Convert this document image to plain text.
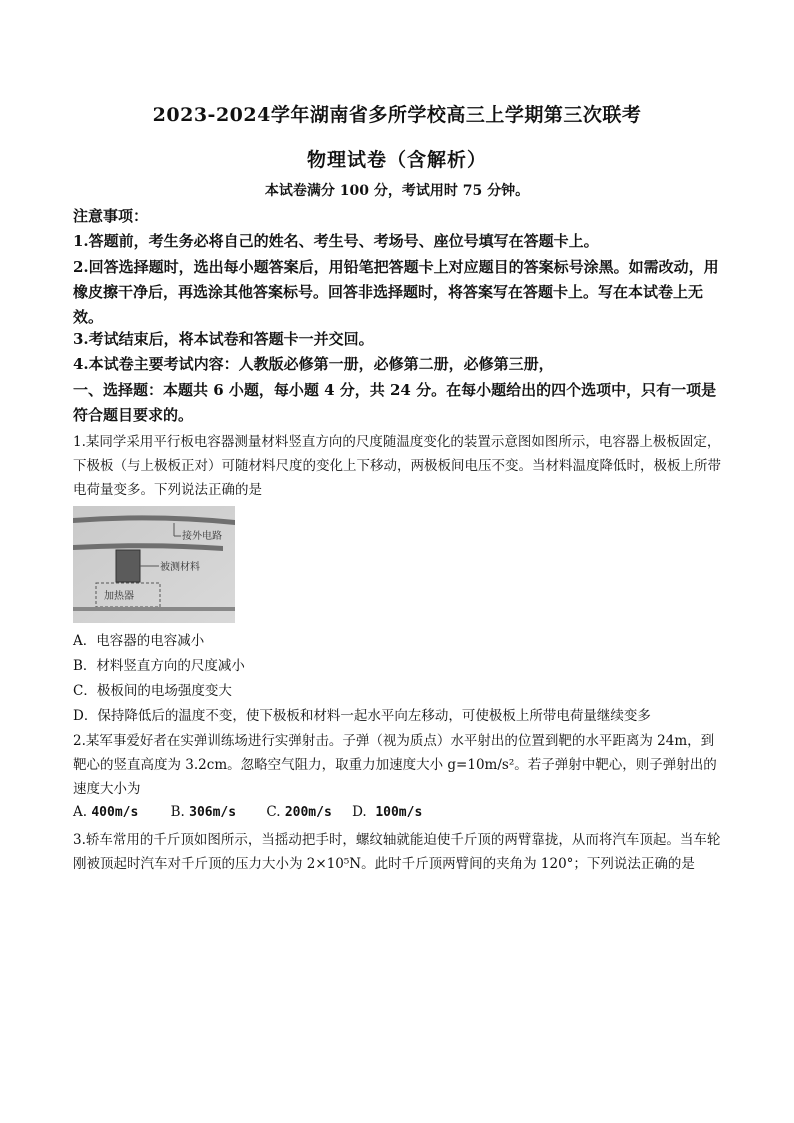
2023-2024学年湖南省多所学校高三上学期第三次联考
物理试卷（含解析）
本试卷满分 100 分，考试用时 75 分钟。
注意事项：
1.答题前，考生务必将自己的姓名、考生号、考场号、座位号填写在答题卡上。
2.回答选择题时，选出每小题答案后，用铅笔把答题卡上对应题目的答案标号涂黑。如需改动，用橡皮擦干净后，再选涂其他答案标号。回答非选择题时，将答案写在答题卡上。写在本试卷上无效。
3.考试结束后，将本试卷和答题卡一并交回。
4.本试卷主要考试内容：人教版必修第一册，必修第二册，必修第三册，
一、选择题：本题共 6 小题，每小题 4 分，共 24 分。在每小题给出的四个选项中，只有一项是符合题目要求的。
1.某同学采用平行板电容器测量材料竖直方向的尺度随温度变化的装置示意图如图所示，电容器上极板固定，下极板（与上极板正对）可随材料尺度的变化上下移动，两极板间电压不变。当材料温度降低时，极板上所带电荷量变多。下列说法正确的是
接外电路
被测材料
加热器
A．电容器的电容减小
B．材料竖直方向的尺度减小
C．极板间的电场强度变大
D．保持降低后的温度不变，使下极板和材料一起水平向左移动，可使极板上所带电荷量继续变多
2.某军事爱好者在实弹训练场进行实弹射击。子弹（视为质点）水平射出的位置到靶的水平距离为 24m，到靶心的竖直高度为 3.2cm。忽略空气阻力，取重力加速度大小 g=10m/s²。若子弹射中靶心，则子弹射出的速度大小为
A. 400m/s B. 306m/s C. 200m/s D. 100m/s
3.轿车常用的千斤顶如图所示，当摇动把手时，螺纹轴就能迫使千斤顶的两臂靠拢，从而将汽车顶起。当车轮刚被顶起时汽车对千斤顶的压力大小为 2×10⁵N。此时千斤顶两臂间的夹角为 120°；下列说法正确的是
